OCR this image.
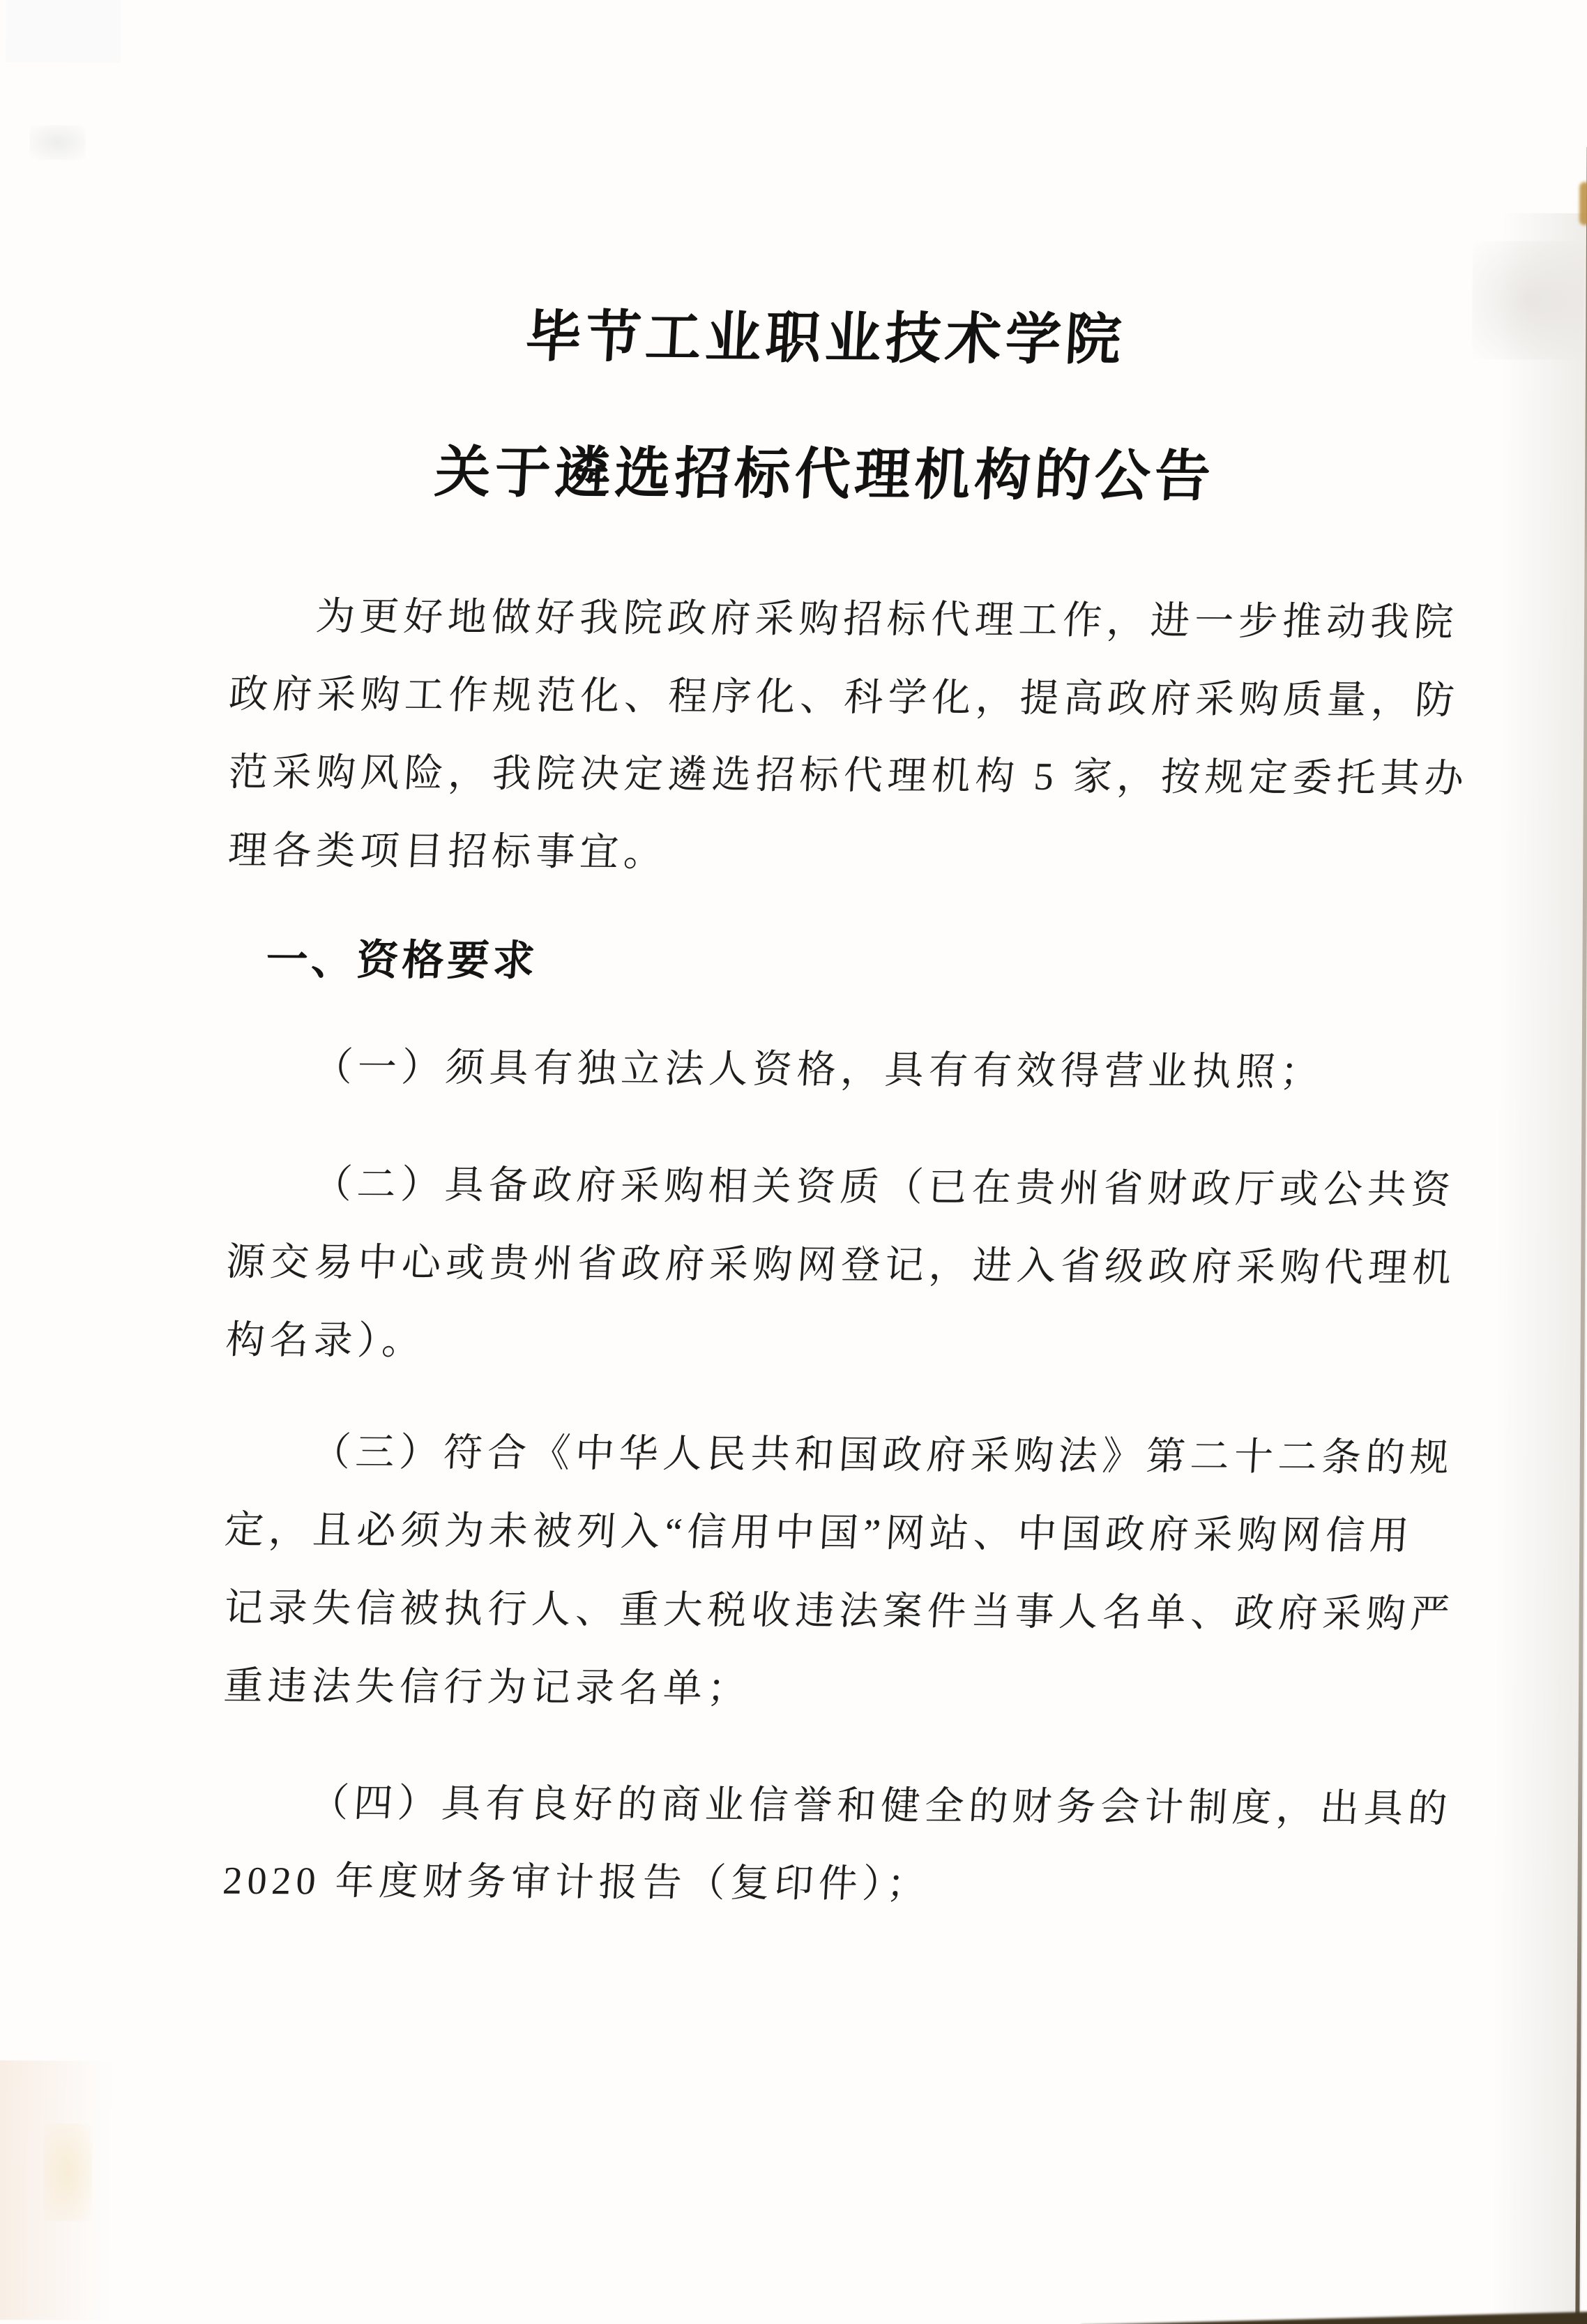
毕节工业职业技术学院
关于遴选招标代理机构的公告
为更好地做好我院政府采购招标代理工作，进一步推动我院
政府采购工作规范化、程序化、科学化，提高政府采购质量，防
范采购风险，我院决定遴选招标代理机构 5 家，按规定委托其办
理各类项目招标事宜。
一、资格要求
（一）须具有独立法人资格，具有有效得营业执照；
（二）具备政府采购相关资质（已在贵州省财政厅或公共资
源交易中心或贵州省政府采购网登记，进入省级政府采购代理机
构名录）。
（三）符合《中华人民共和国政府采购法》第二十二条的规
定，且必须为未被列入“信用中国”网站、中国政府采购网信用
记录失信被执行人、重大税收违法案件当事人名单、政府采购严
重违法失信行为记录名单；
（四）具有良好的商业信誉和健全的财务会计制度，出具的
2020 年度财务审计报告（复印件）；
